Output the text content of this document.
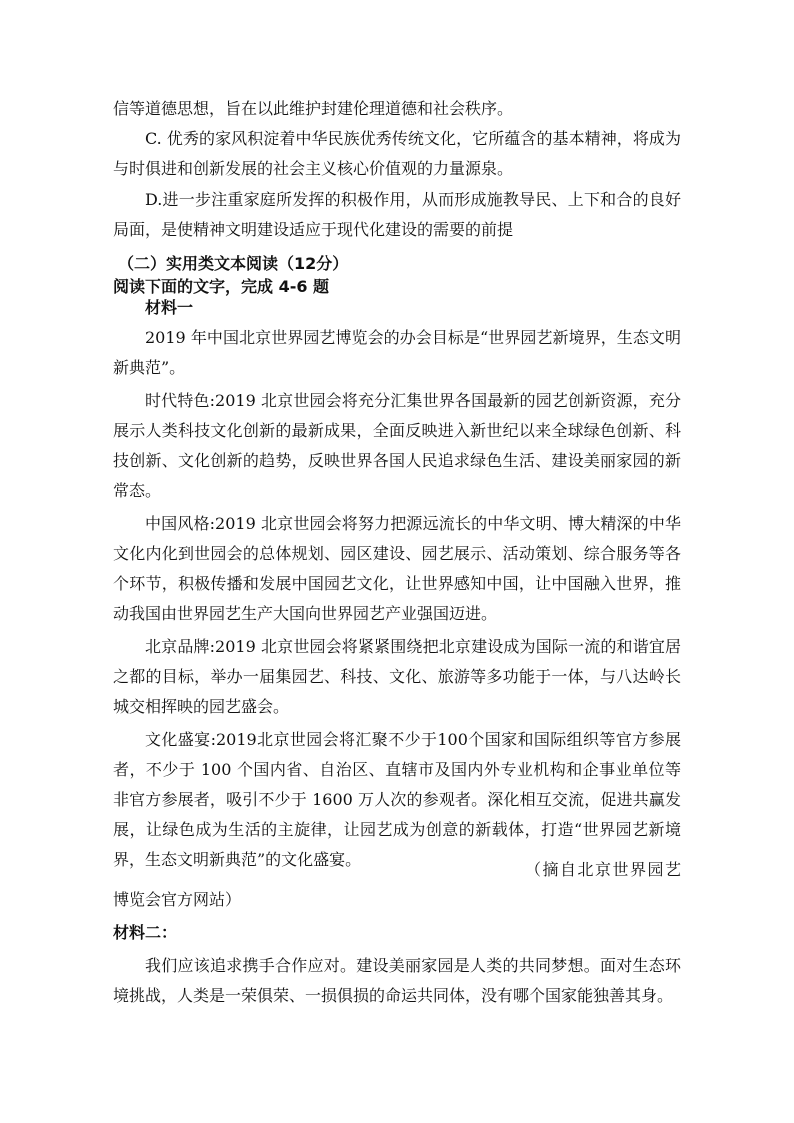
信等道德思想，旨在以此维护封建伦理道德和社会秩序。

C. 优秀的家风积淀着中华民族优秀传统文化，它所蕴含的基本精神，将成为与时俱进和创新发展的社会主义核心价值观的力量源泉。

D.进一步注重家庭所发挥的积极作用，从而形成施教导民、上下和合的良好局面，是使精神文明建设适应于现代化建设的需要的前提

（二）实用类文本阅读（12分）

阅读下面的文字，完成 4-6 题

材料一

2019 年中国北京世界园艺博览会的办会目标是“世界园艺新境界，生态文明新典范”。

时代特色:2019 北京世园会将充分汇集世界各国最新的园艺创新资源，充分展示人类科技文化创新的最新成果，全面反映进入新世纪以来全球绿色创新、科技创新、文化创新的趋势，反映世界各国人民追求绿色生活、建设美丽家园的新常态。

中国风格:2019 北京世园会将努力把源远流长的中华文明、博大精深的中华文化内化到世园会的总体规划、园区建设、园艺展示、活动策划、综合服务等各个环节，积极传播和发展中国园艺文化，让世界感知中国，让中国融入世界，推动我国由世界园艺生产大国向世界园艺产业强国迈进。

北京品牌:2019 北京世园会将紧紧围绕把北京建设成为国际一流的和谐宜居之都的目标，举办一届集园艺、科技、文化、旅游等多功能于一体，与八达岭长城交相挥映的园艺盛会。

文化盛宴:2019北京世园会将汇聚不少于100个国家和国际组织等官方参展者，不少于 100 个国内省、自治区、直辖市及国内外专业机构和企事业单位等非官方参展者，吸引不少于 1600 万人次的参观者。深化相互交流，促进共赢发展，让绿色成为生活的主旋律，让园艺成为创意的新载体，打造“世界园艺新境界，生态文明新典范”的文化盛宴。

（摘自北京世界园艺博览会官方网站）

材料二：

我们应该追求携手合作应对。建设美丽家园是人类的共同梦想。面对生态环境挑战，人类是一荣俱荣、一损俱损的命运共同体，没有哪个国家能独善其身。
